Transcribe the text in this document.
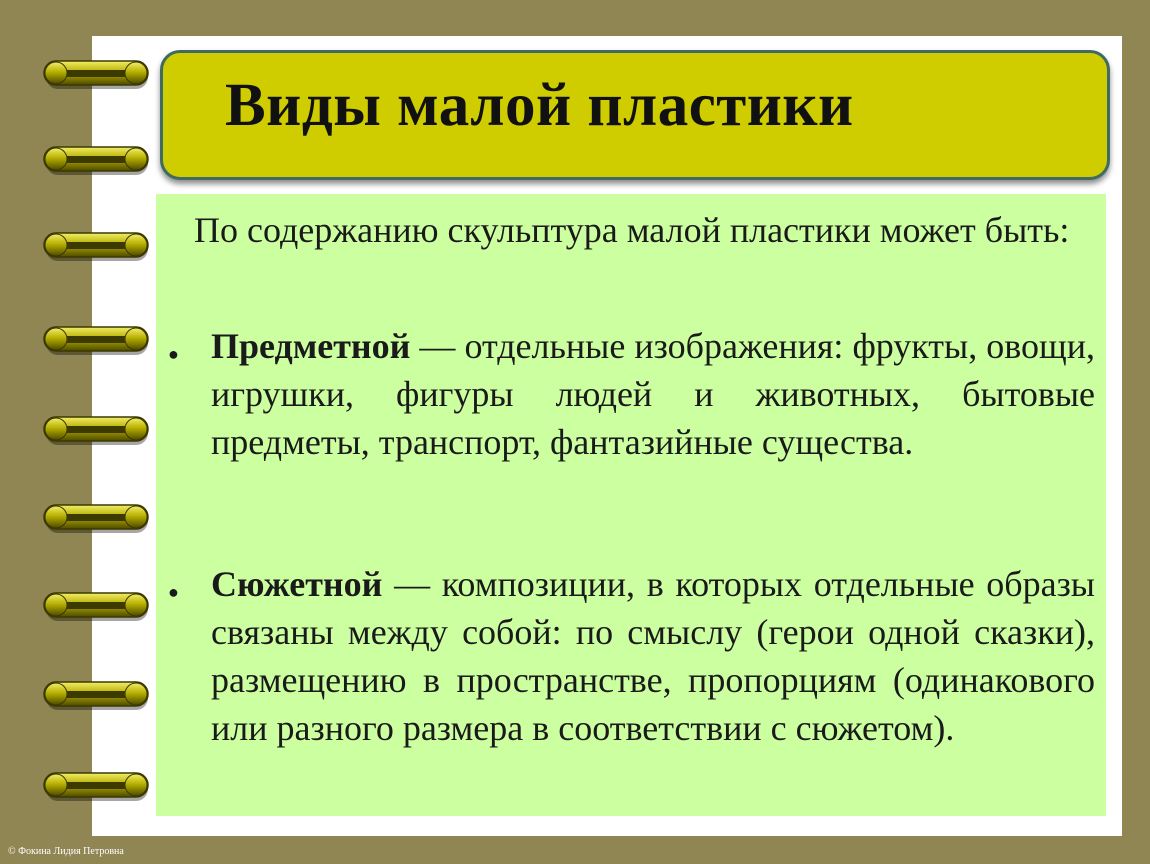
Виды малой пластики
По содержанию скульптура малой пластики может быть:
● Предметной — отдельные изображения: фрукты, овощи, игрушки, фигуры людей и животных, бытовые предметы, транспорт, фантазийные существа.
● Сюжетной — композиции, в которых отдельные образы связаны между собой: по смыслу (герои одной сказки), размещению в пространстве, пропорциям (одинакового или разного размера в соответствии с сюжетом).
© Фокина Лидия Петровна
